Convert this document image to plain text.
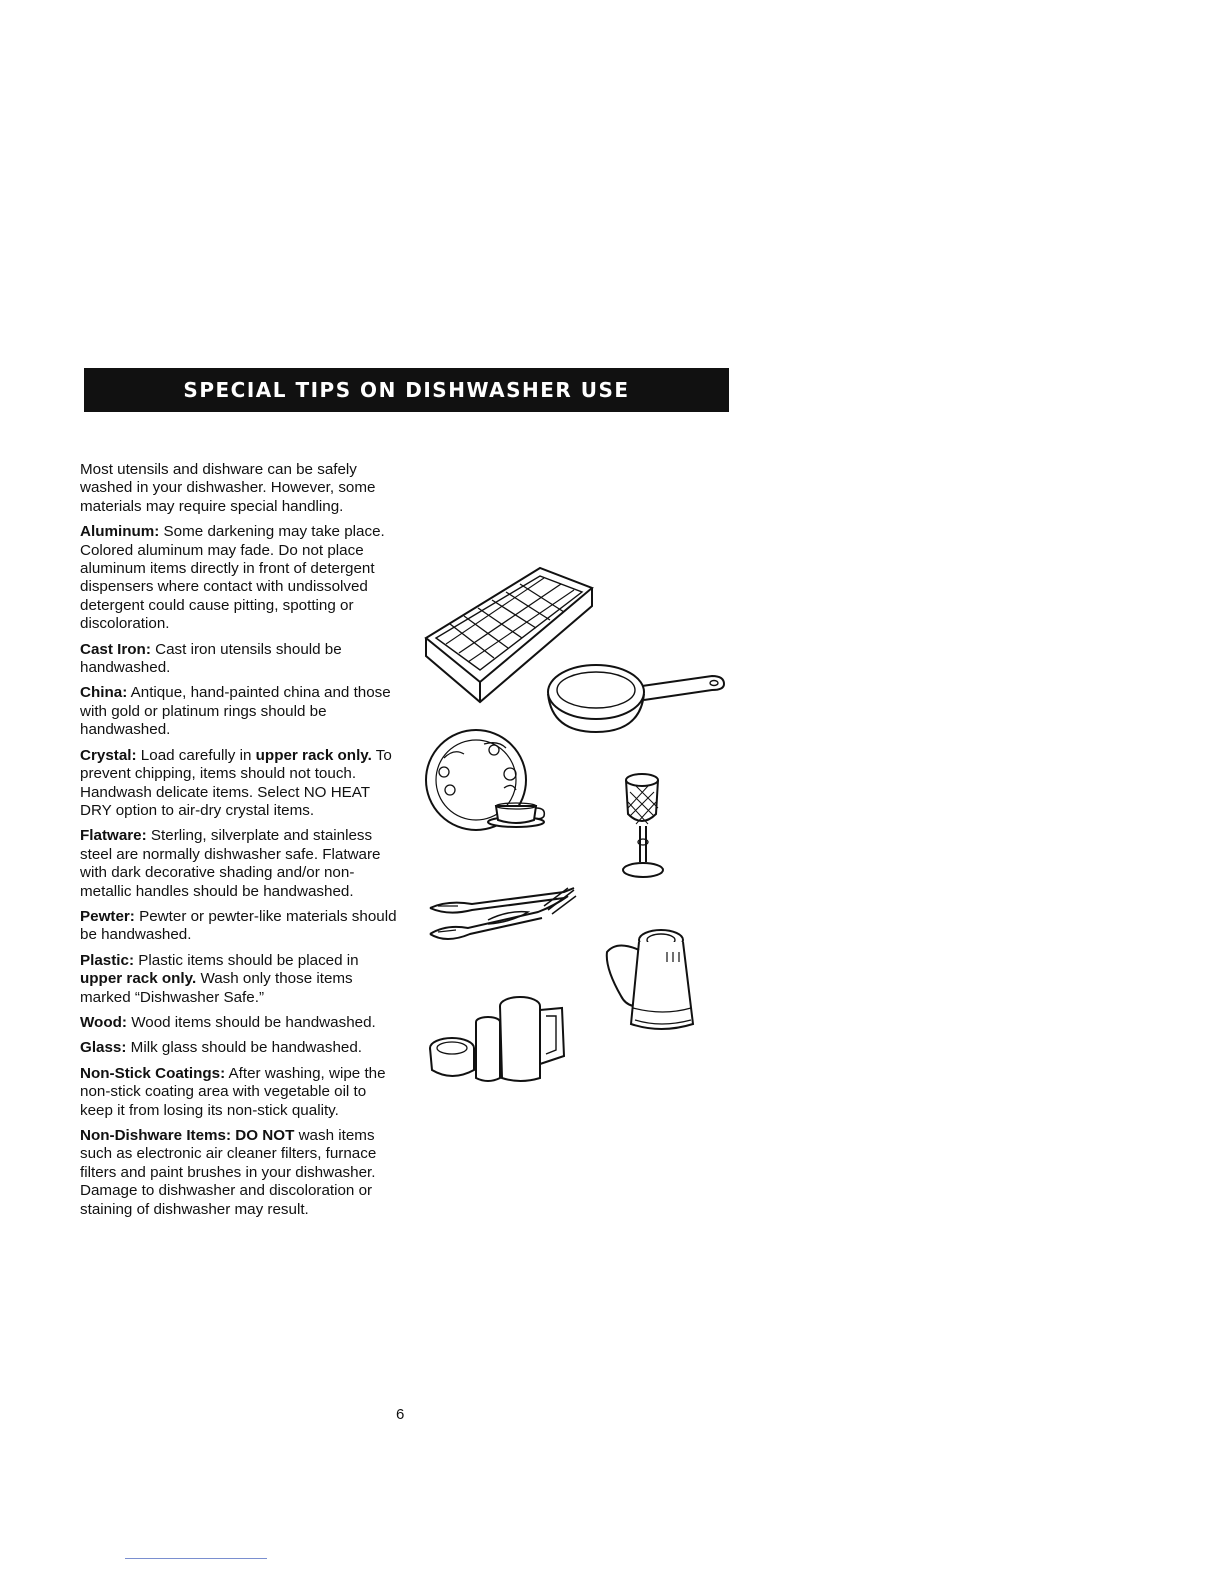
SPECIAL TIPS ON DISHWASHER USE

Most utensils and dishware can be safely washed in your dishwasher. However, some materials may require special handling.

Aluminum: Some darkening may take place. Colored aluminum may fade. Do not place aluminum items directly in front of detergent dispensers where contact with undissolved detergent could cause pitting, spotting or discoloration.

Cast Iron: Cast iron utensils should be handwashed.

China: Antique, hand-painted china and those with gold or platinum rings should be handwashed.

Crystal: Load carefully in upper rack only. To prevent chipping, items should not touch. Handwash delicate items. Select NO HEAT DRY option to air-dry crystal items.

Flatware: Sterling, silverplate and stainless steel are normally dishwasher safe. Flatware with dark decorative shading and/or non-metallic handles should be handwashed.

Pewter: Pewter or pewter-like materials should be handwashed.

Plastic: Plastic items should be placed in upper rack only. Wash only those items marked “Dishwasher Safe.”

Wood: Wood items should be handwashed.

Glass: Milk glass should be handwashed.

Non-Stick Coatings: After washing, wipe the non-stick coating area with vegetable oil to keep it from losing its non-stick quality.

Non-Dishware Items: DO NOT wash items such as electronic air cleaner filters, furnace filters and paint brushes in your dishwasher. Damage to dishwasher and discoloration or staining of dishwasher may result.

6
